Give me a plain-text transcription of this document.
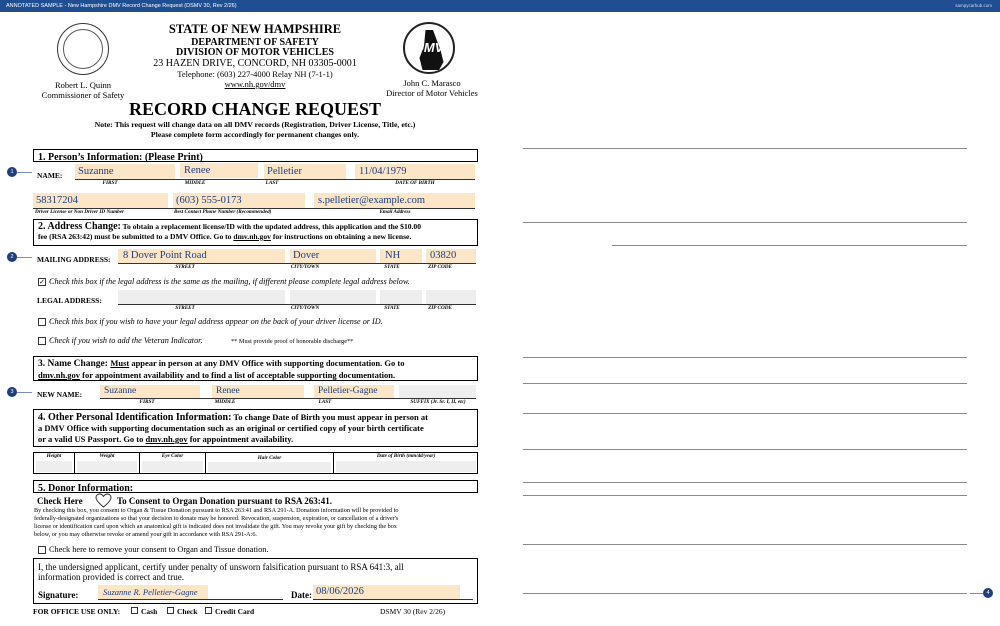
ANNOTATED SAMPLE - New Hampshire DMV Record Change Request (DSMV 30, Rev 2/26)	sampycarhub.com
STATE OF NEW HAMPSHIRE
DEPARTMENT OF SAFETY
DIVISION OF MOTOR VEHICLES
23 HAZEN DRIVE, CONCORD, NH 03305-0001
Telephone: (603) 227-4000 Relay NH (7-1-1)
www.nh.gov/dmv
Robert L. Quinn
Commissioner of Safety
DMV
John C. Marasco
Director of Motor Vehicles
RECORD CHANGE REQUEST
Note: This request will change data on all DMV records (Registration, Driver License, Title, etc.)
Please complete form accordingly for permanent changes only.
1. Person’s Information: (Please Print)
NAME: Suzanne	Renee	Pelletier	11/04/1979
FIRST	MIDDLE	LAST	DATE OF BIRTH
58317204	(603) 555-0173	s.pelletier@example.com
Driver License or Non Driver ID Number	Best Contact Phone Number (Recommended)	Email Address
2. Address Change: To obtain a replacement license/ID with the updated address, this application and the $10.00
fee (RSA 263:42) must be submitted to a DMV Office. Go to dmv.nh.gov for instructions on obtaining a new license.
MAILING ADDRESS:	8 Dover Point Road	Dover	NH	03820
STREET	CITY/TOWN	STATE	ZIP CODE
✓ Check this box if the legal address is the same as the mailing, if different please complete legal address below.
LEGAL ADDRESS:
STREET	CITY/TOWN	STATE	ZIP CODE
Check this box if you wish to have your legal address appear on the back of your driver license or ID.
Check if you wish to add the Veteran Indicator.	** Must provide proof of honorable discharge**
3. Name Change: Must appear in person at any DMV Office with supporting documentation. Go to
dmv.nh.gov for appointment availability and to find a list of acceptable supporting documentation.
NEW NAME:	Suzanne	Renee	Pelletier-Gagne
FIRST	MIDDLE	LAST	SUFFIX (Jr. Sr. I, II, etc)
4. Other Personal Identification Information: To change Date of Birth you must appear in person at
a DMV Office with supporting documentation such as an original or certified copy of your birth certificate
or a valid US Passport. Go to dmv.nh.gov for appointment availability.
Height	Weight	Eye Color	Hair Color	Date of Birth (mm/dd/year)
5. Donor Information:
Check Here	To Consent to Organ Donation pursuant to RSA 263:41.
By checking this box, you consent to Organ & Tissue Donation pursuant to RSA 263:41 and RSA 291-A. Donation information will be provided to
federally-designated organizations so that your decision to donate may be honored. Revocation, suspension, expiration, or cancellation of a driver's
license or identification card upon which an anatomical gift is indicated does not invalidate the gift. You may revoke your gift by checking the box
below, or you may otherwise revoke or amend your gift in accordance with RSA 291-A:6.
Check here to remove your consent to Organ and Tissue donation.
I, the undersigned applicant, certify under penalty of unsworn falsification pursuant to RSA 641:3, all
information provided is correct and true.
Signature:	Suzanne R. Pelletier-Gagne	Date: 08/06/2026
FOR OFFICE USE ONLY:	Cash	Check Credit Card	DSMV 30 (Rev 2/26)
1
2
3
4
